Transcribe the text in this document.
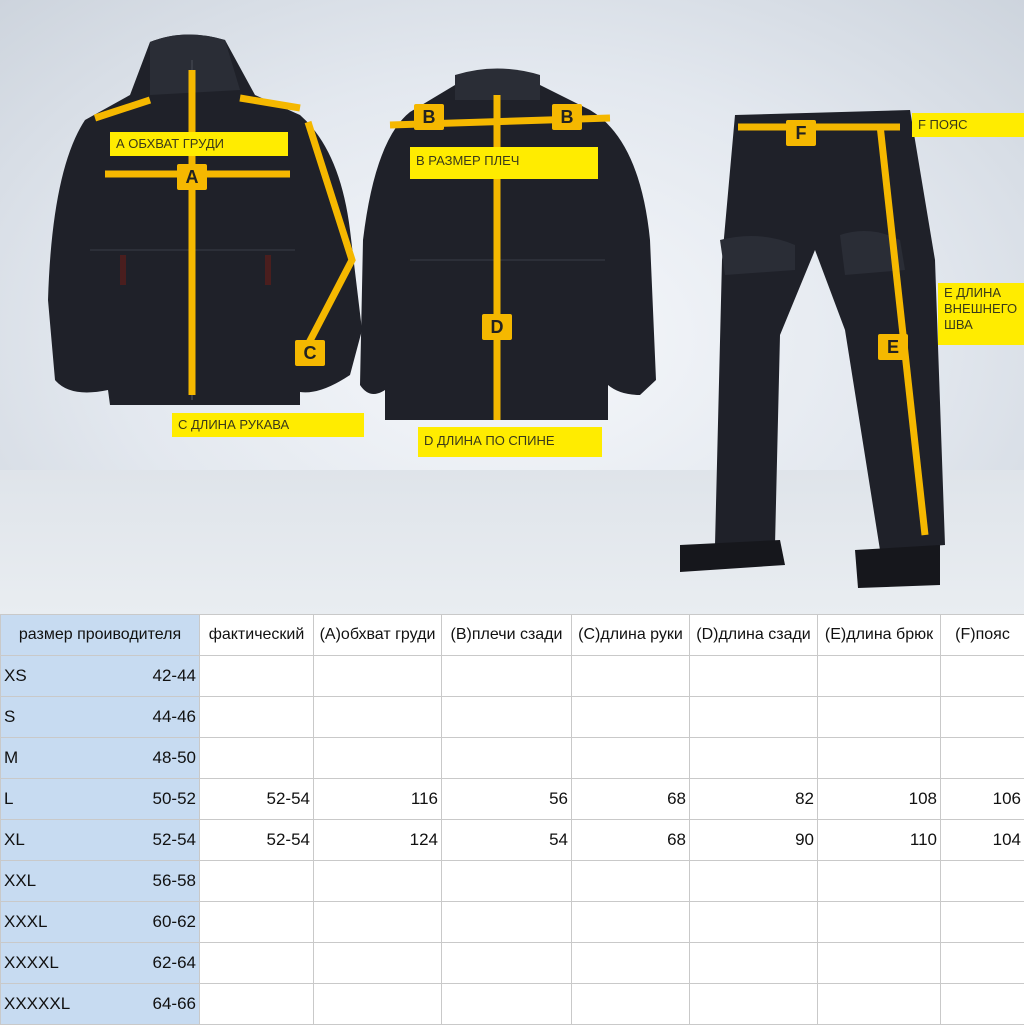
A
B	B
C
D
E
F
А ОБХВАТ ГРУДИ
B РАЗМЕР ПЛЕЧ
С ДЛИНА РУКАВА
D ДЛИНА ПО СПИНЕ
F ПОЯС
E ДЛИНА
ВНЕШНЕГО
ШВА
размер проиводителя	фактический	(А)обхват груди	(B)плечи сзади	(C)длина руки	(D)длина сзади	(E)длина брюк	(F)пояс

XS 42-44							

S 44-46							

M 48-50							

L 50-52	52-54	116	56	68	82	108	106

XL 52-54	52-54	124	54	68	90	110	104

XXL 56-58							

XXXL 60-62							

XXXXL 62-64							

XXXXXL 64-66							
